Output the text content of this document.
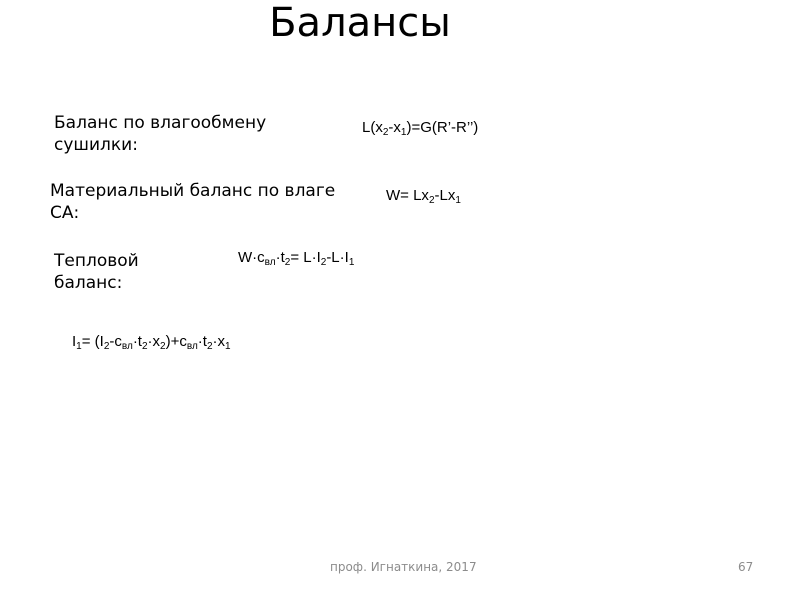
Балансы
Баланс по влагообмену
сушилки:
$L(x_2-x_1)=G(R’-R’’)$
Материальный баланс по влаге
СА:
$W= Lx_2-Lx_1$
Тепловой
баланс:
$W\cdot c_{вл}\cdot t_2= L\cdot I_2-L\cdot I_1$
$I_1= (I_2-c_{вл}\cdot t_2\cdot x_2)+c_{вл}\cdot t_2\cdot x_1$
проф. Игнаткина, 2017	67
